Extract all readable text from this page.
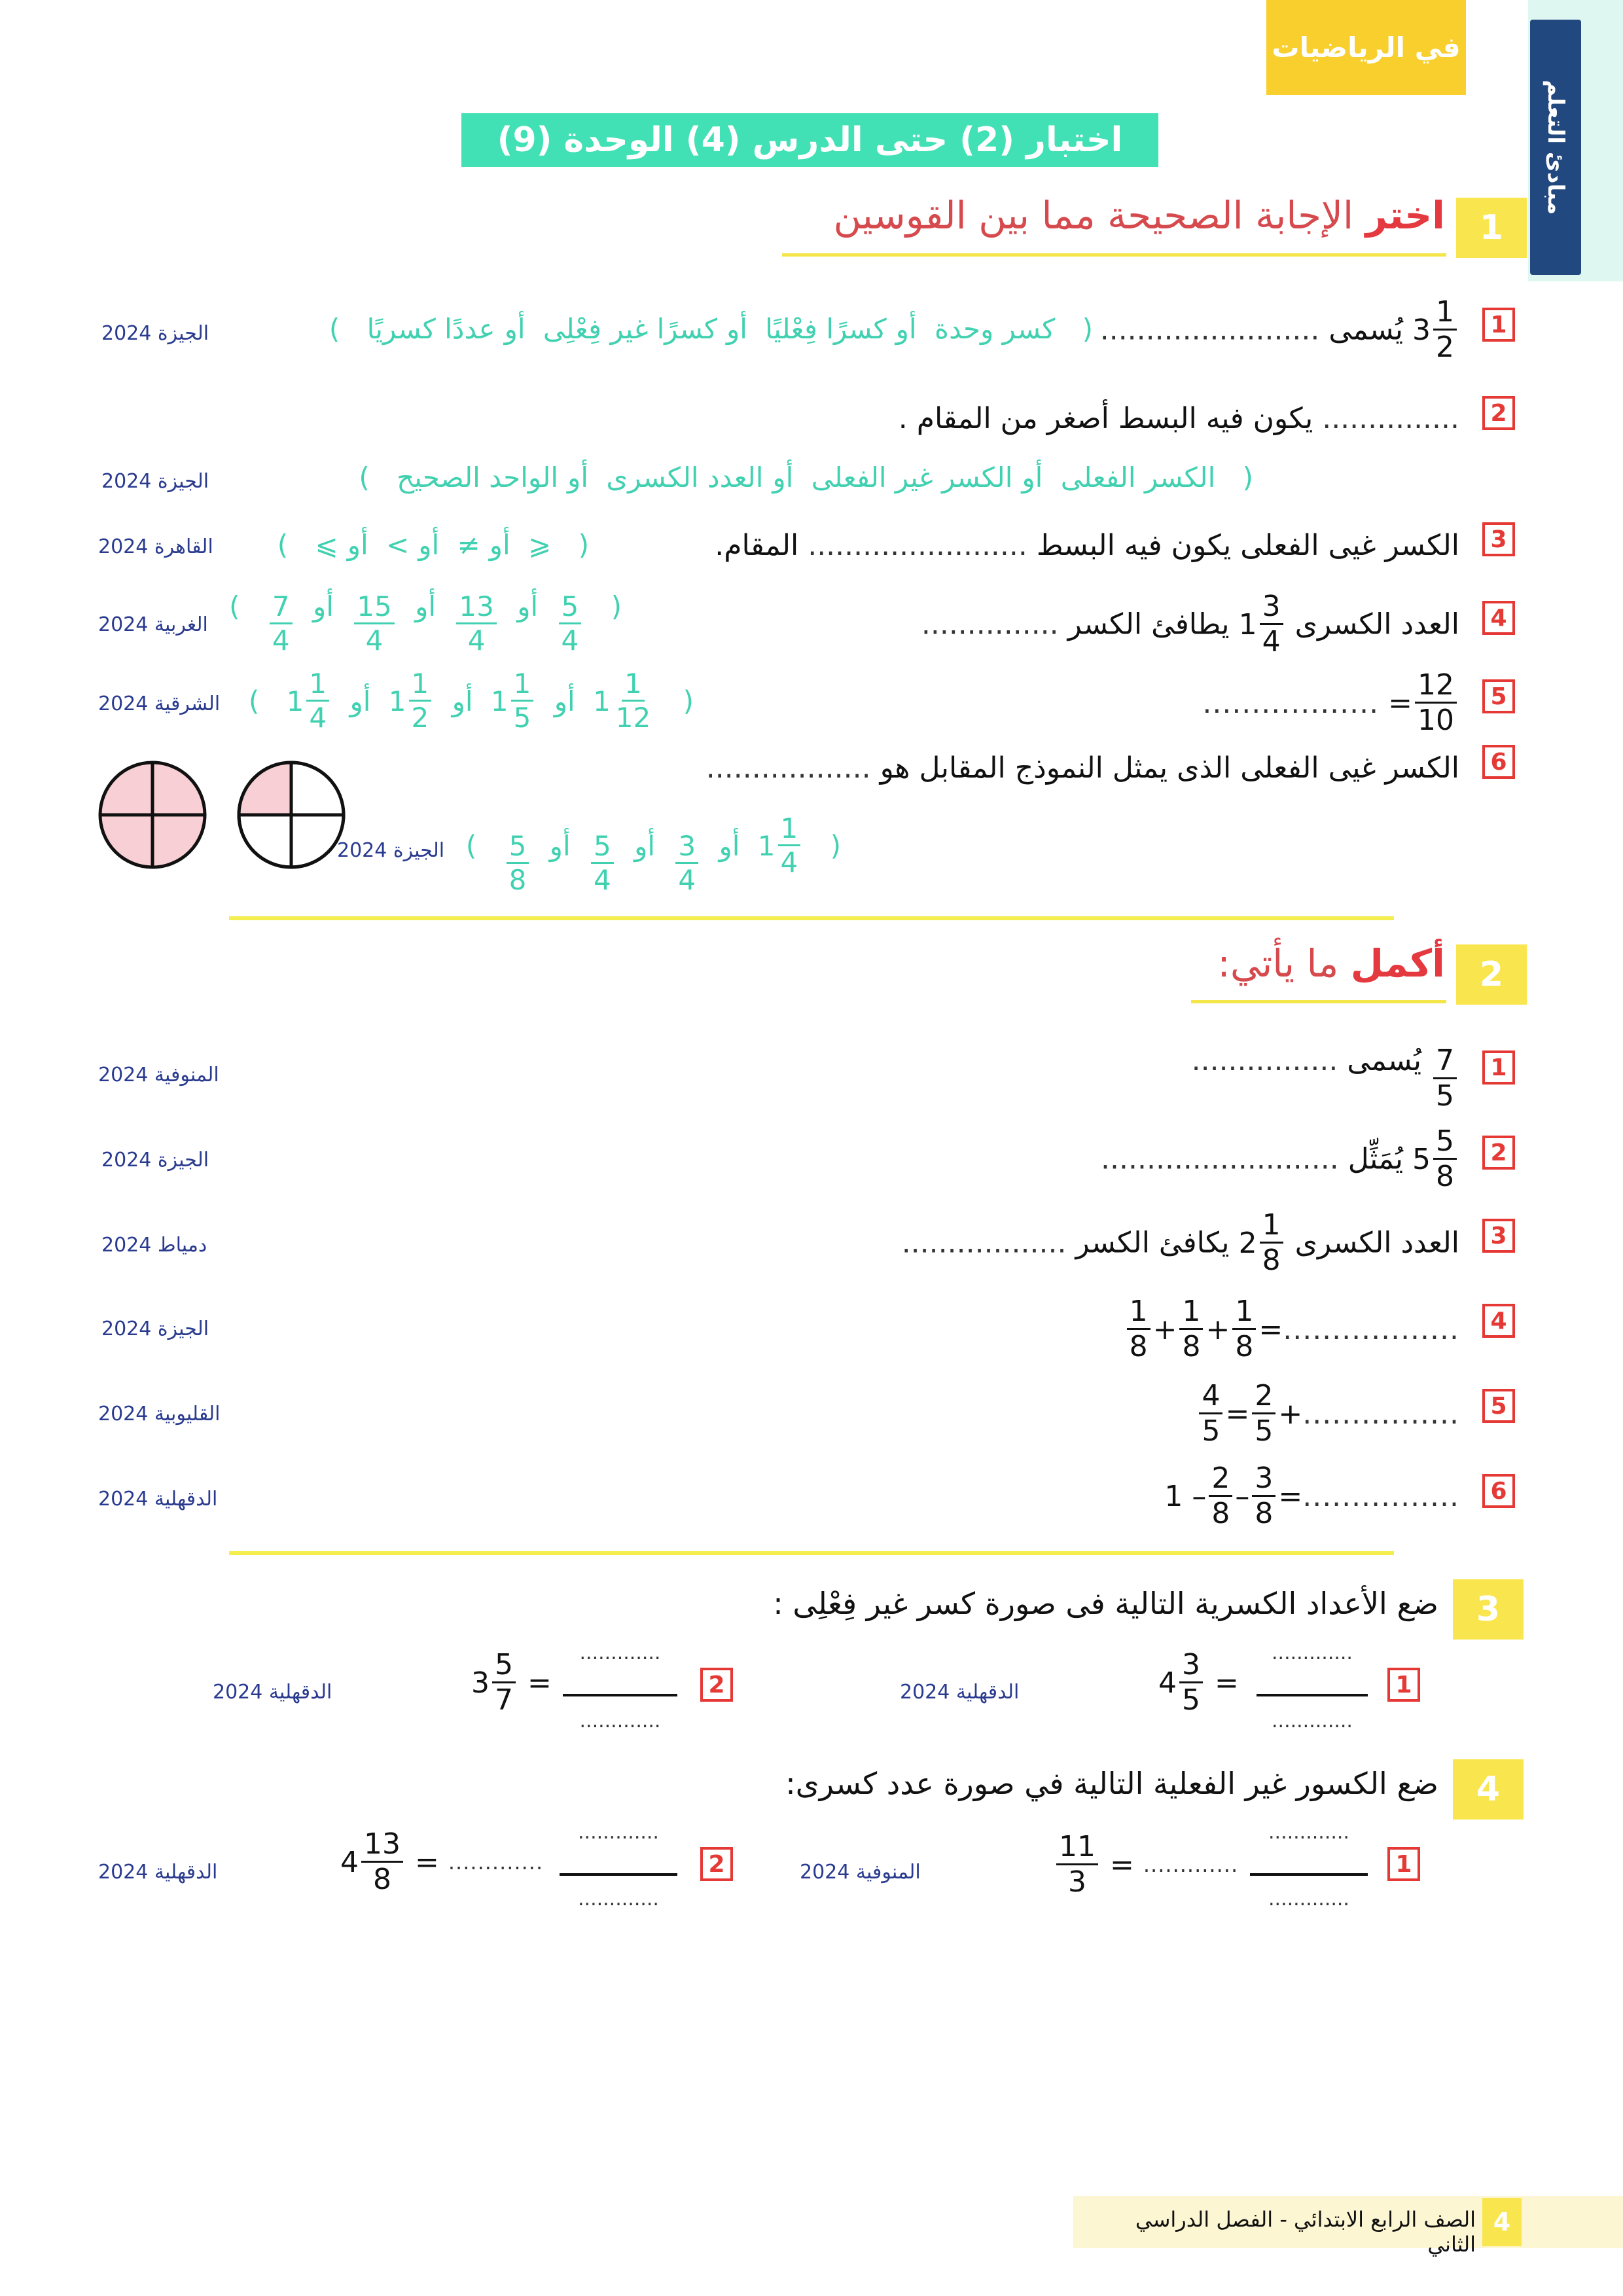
في الرياضيات
مبادئ التعلم
اختبار (2) حتى الدرس (4) الوحدة (9)
1
اختر الإجابة الصحيحة مما بين القوسين
1
$3 \frac{1}{2}$
يُسمى ........................
( كسر وحدة أوكسرًا فِعْليًا أوكسرًا غير فِعْلِى أوعددًا كسريًا )
الجيزة 2024
2
............... يكون فيه البسط أصغر من المقام .
( الكسر الفعلى أوالكسر غير الفعلى أوالعدد الكسرى أوالواحد الصحيح )
الجيزة 2024
3
الكسر غيى الفعلى يكون فيه البسط ........................ المقام.
( ⩽ أو≠ أو> أو⩾ )
القاهرة 2024
4
العدد الكسرى
$1 \frac{3}{4}$
يطافئ الكسر ...............
(
$\frac{5}{4}$
أو
$\frac{13}{4}$
أو
$\frac{15}{4}$
أو
$\frac{7}{4}$
)
الغربية 2024
5
..................
= $\frac{12}{10}$
(
$1 \frac{1}{12}$
أو
$1 \frac{1}{5}$
أو
$1 \frac{1}{2}$
أو
$1 \frac{1}{4}$
)
الشرقية 2024
6
الكسر غيى الفعلى الذى يمثل النموذج المقابل هو ..................
(
$1 \frac{1}{4}$
أو
$\frac{3}{4}$
أو
$\frac{5}{4}$
أو
$\frac{5}{8}$
)
الجيزة 2024
2
أكمل ما يأتي:
1
$\frac{7}{5}$
يُسمى ................
المنوفية 2024
2
$5 \frac{5}{8}$
يُمَثِّل ..........................
الجيزة 2024
3
العدد الكسرى
$2 \frac{1}{8}$
يكافئ الكسر ..................
دمياط 2024
4
$\frac{1}{8} + \frac{1}{8} + \frac{1}{8}$ = ..................
الجيزة 2024
5
$\frac{4}{5} = \frac{2}{5}$ + ................
القليوبية 2024
6
1
– $\frac{2}{8} - \frac{3}{8}$ = ................
الدقهلية 2024
3
ضع الأعداد الكسرية التالية فى صورة كسر غير فِعْلِى :
1
$4 \frac{3}{5}$
=
.............
.............
الدقهلية 2024
2
$3 \frac{5}{7}$
=
.............
.............
الدقهلية 2024
4
ضع الكسور غير الفعلية التالية في صورة عدد كسرى:
1
$\frac{11}{3}$
=
.............
.............
.............
المنوفية 2024
2
$4 \frac{13}{8}$
=
.............
.............
.............
الدقهلية 2024
4
الصف الرابع الابتدائي - الفصل الدراسي الثاني
